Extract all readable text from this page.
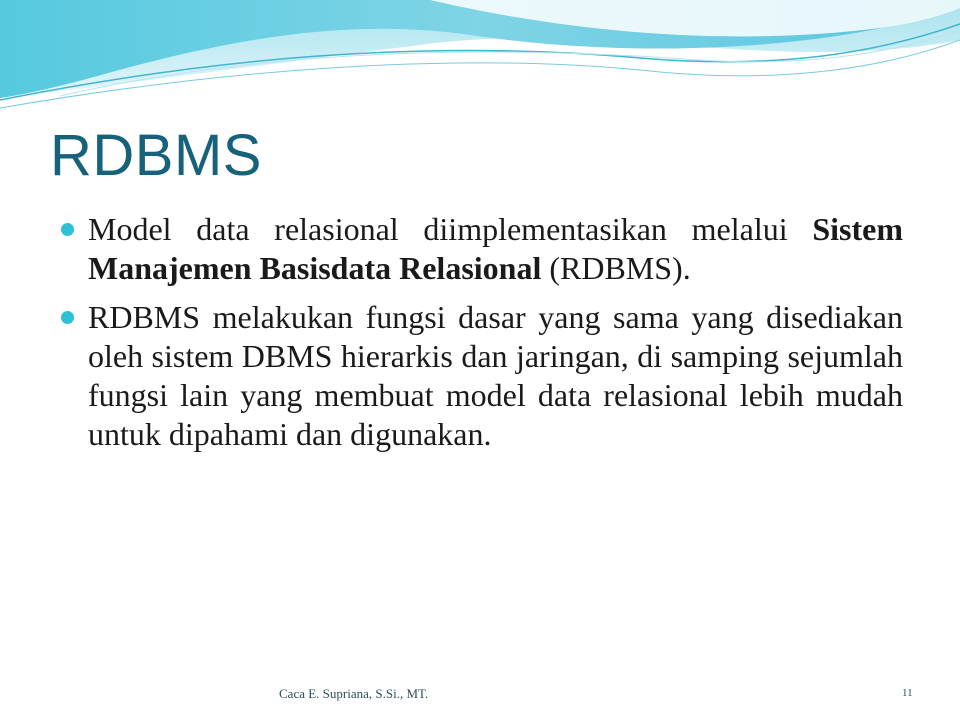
RDBMS
Model data relasional diimplementasikan melalui Sistem Manajemen Basisdata Relasional (RDBMS).
RDBMS melakukan fungsi dasar yang sama yang disediakan oleh sistem DBMS hierarkis dan jaringan, di samping sejumlah fungsi lain yang membuat model data relasional lebih mudah untuk dipahami dan digunakan.
Caca E. Supriana, S.Si., MT.	11
